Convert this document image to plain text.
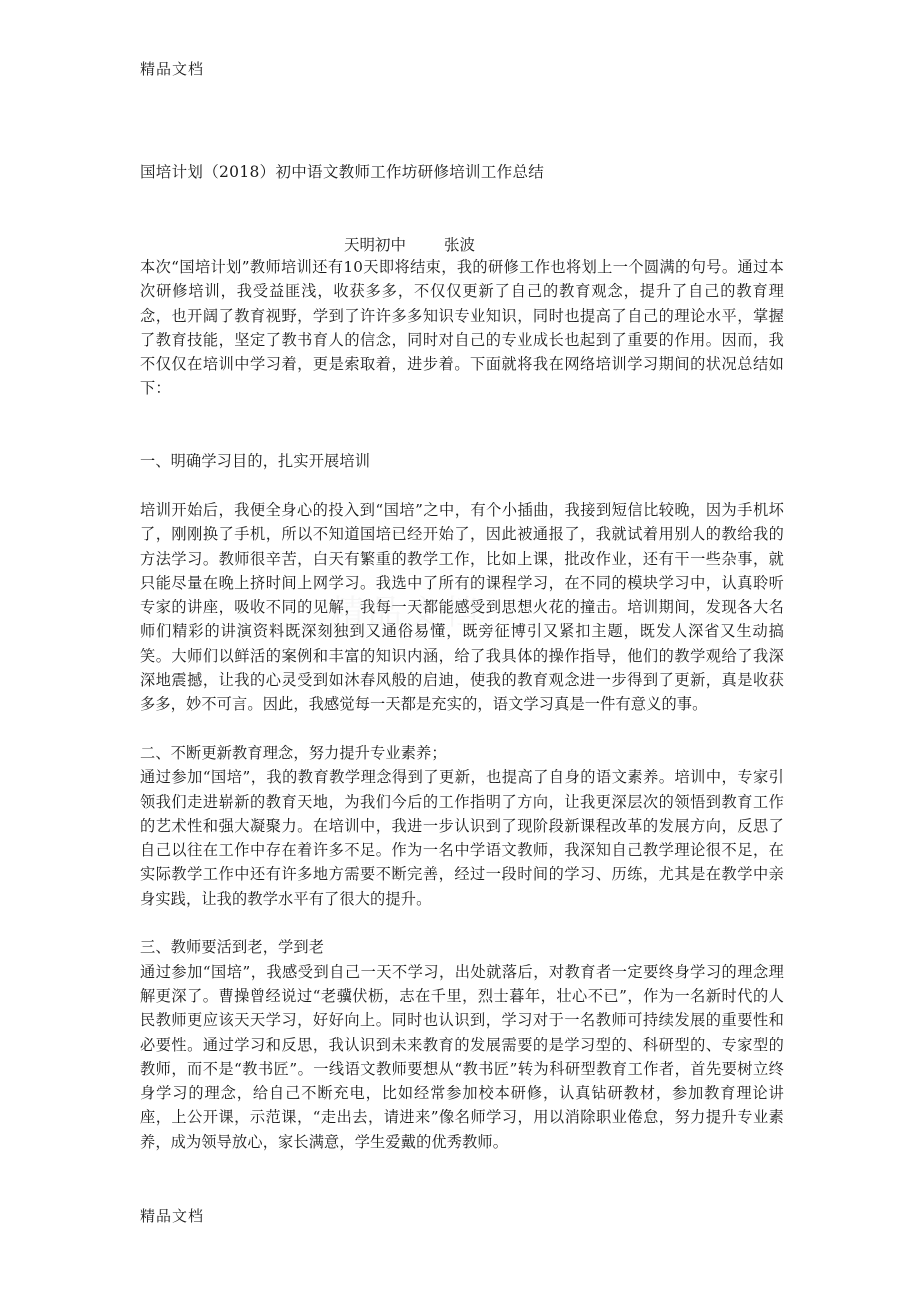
精品文档
国培计划（2018）初中语文教师工作坊研修培训工作总结
天明初中 张波

本次“国培计划”教师培训还有10天即将结束，我的研修工作也将划上一个圆满的句号。通过本次研修培训，我受益匪浅，收获多多，不仅仅更新了自己的教育观念，提升了自己的教育理念，也开阔了教育视野，学到了许许多多知识专业知识，同时也提高了自己的理论水平，掌握了教育技能，坚定了教书育人的信念，同时对自己的专业成长也起到了重要的作用。因而，我不仅仅在培训中学习着，更是索取着，进步着。下面就将我在网络培训学习期间的状况总结如下：

一、明确学习目的，扎实开展培训

培训开始后，我便全身心的投入到“国培”之中，有个小插曲，我接到短信比较晚，因为手机坏了，刚刚换了手机，所以不知道国培已经开始了，因此被通报了，我就试着用别人的教给我的方法学习。教师很辛苦，白天有繁重的教学工作，比如上课，批改作业，还有干一些杂事，就只能尽量在晚上挤时间上网学习。我选中了所有的课程学习，在不同的模块学习中，认真聆听专家的讲座，吸收不同的见解，我每一天都能感受到思想火花的撞击。培训期间，发现各大名师们精彩的讲演资料既深刻独到又通俗易懂，既旁征博引又紧扣主题，既发人深省又生动搞笑。大师们以鲜活的案例和丰富的知识内涵，给了我具体的操作指导，他们的教学观给了我深深地震撼，让我的心灵受到如沐春风般的启迪，使我的教育观念进一步得到了更新，真是收获多多，妙不可言。因此，我感觉每一天都是充实的，语文学习真是一件有意义的事。

二、不断更新教育理念，努力提升专业素养；

通过参加“国培”，我的教育教学理念得到了更新，也提高了自身的语文素养。培训中，专家引领我们走进崭新的教育天地，为我们今后的工作指明了方向，让我更深层次的领悟到教育工作的艺术性和强大凝聚力。在培训中，我进一步认识到了现阶段新课程改革的发展方向，反思了自己以往在工作中存在着许多不足。作为一名中学语文教师，我深知自己教学理论很不足，在实际教学工作中还有许多地方需要不断完善，经过一段时间的学习、历练，尤其是在教学中亲身实践，让我的教学水平有了很大的提升。

三、教师要活到老，学到老

通过参加“国培”，我感受到自己一天不学习，出处就落后，对教育者一定要终身学习的理念理解更深了。曹操曾经说过“老骥伏枥，志在千里，烈士暮年，壮心不已”，作为一名新时代的人民教师更应该天天学习，好好向上。同时也认识到，学习对于一名教师可持续发展的重要性和必要性。通过学习和反思，我认识到未来教育的发展需要的是学习型的、科研型的、专家型的教师，而不是“教书匠”。一线语文教师要想从“教书匠”转为科研型教育工作者，首先要树立终身学习的理念，给自己不断充电，比如经常参加校本研修，认真钻研教材，参加教育理论讲座，上公开课，示范课，“走出去，请进来”像名师学习，用以消除职业倦怠，努力提升专业素养，成为领导放心，家长满意，学生爱戴的优秀教师。

精品文档
